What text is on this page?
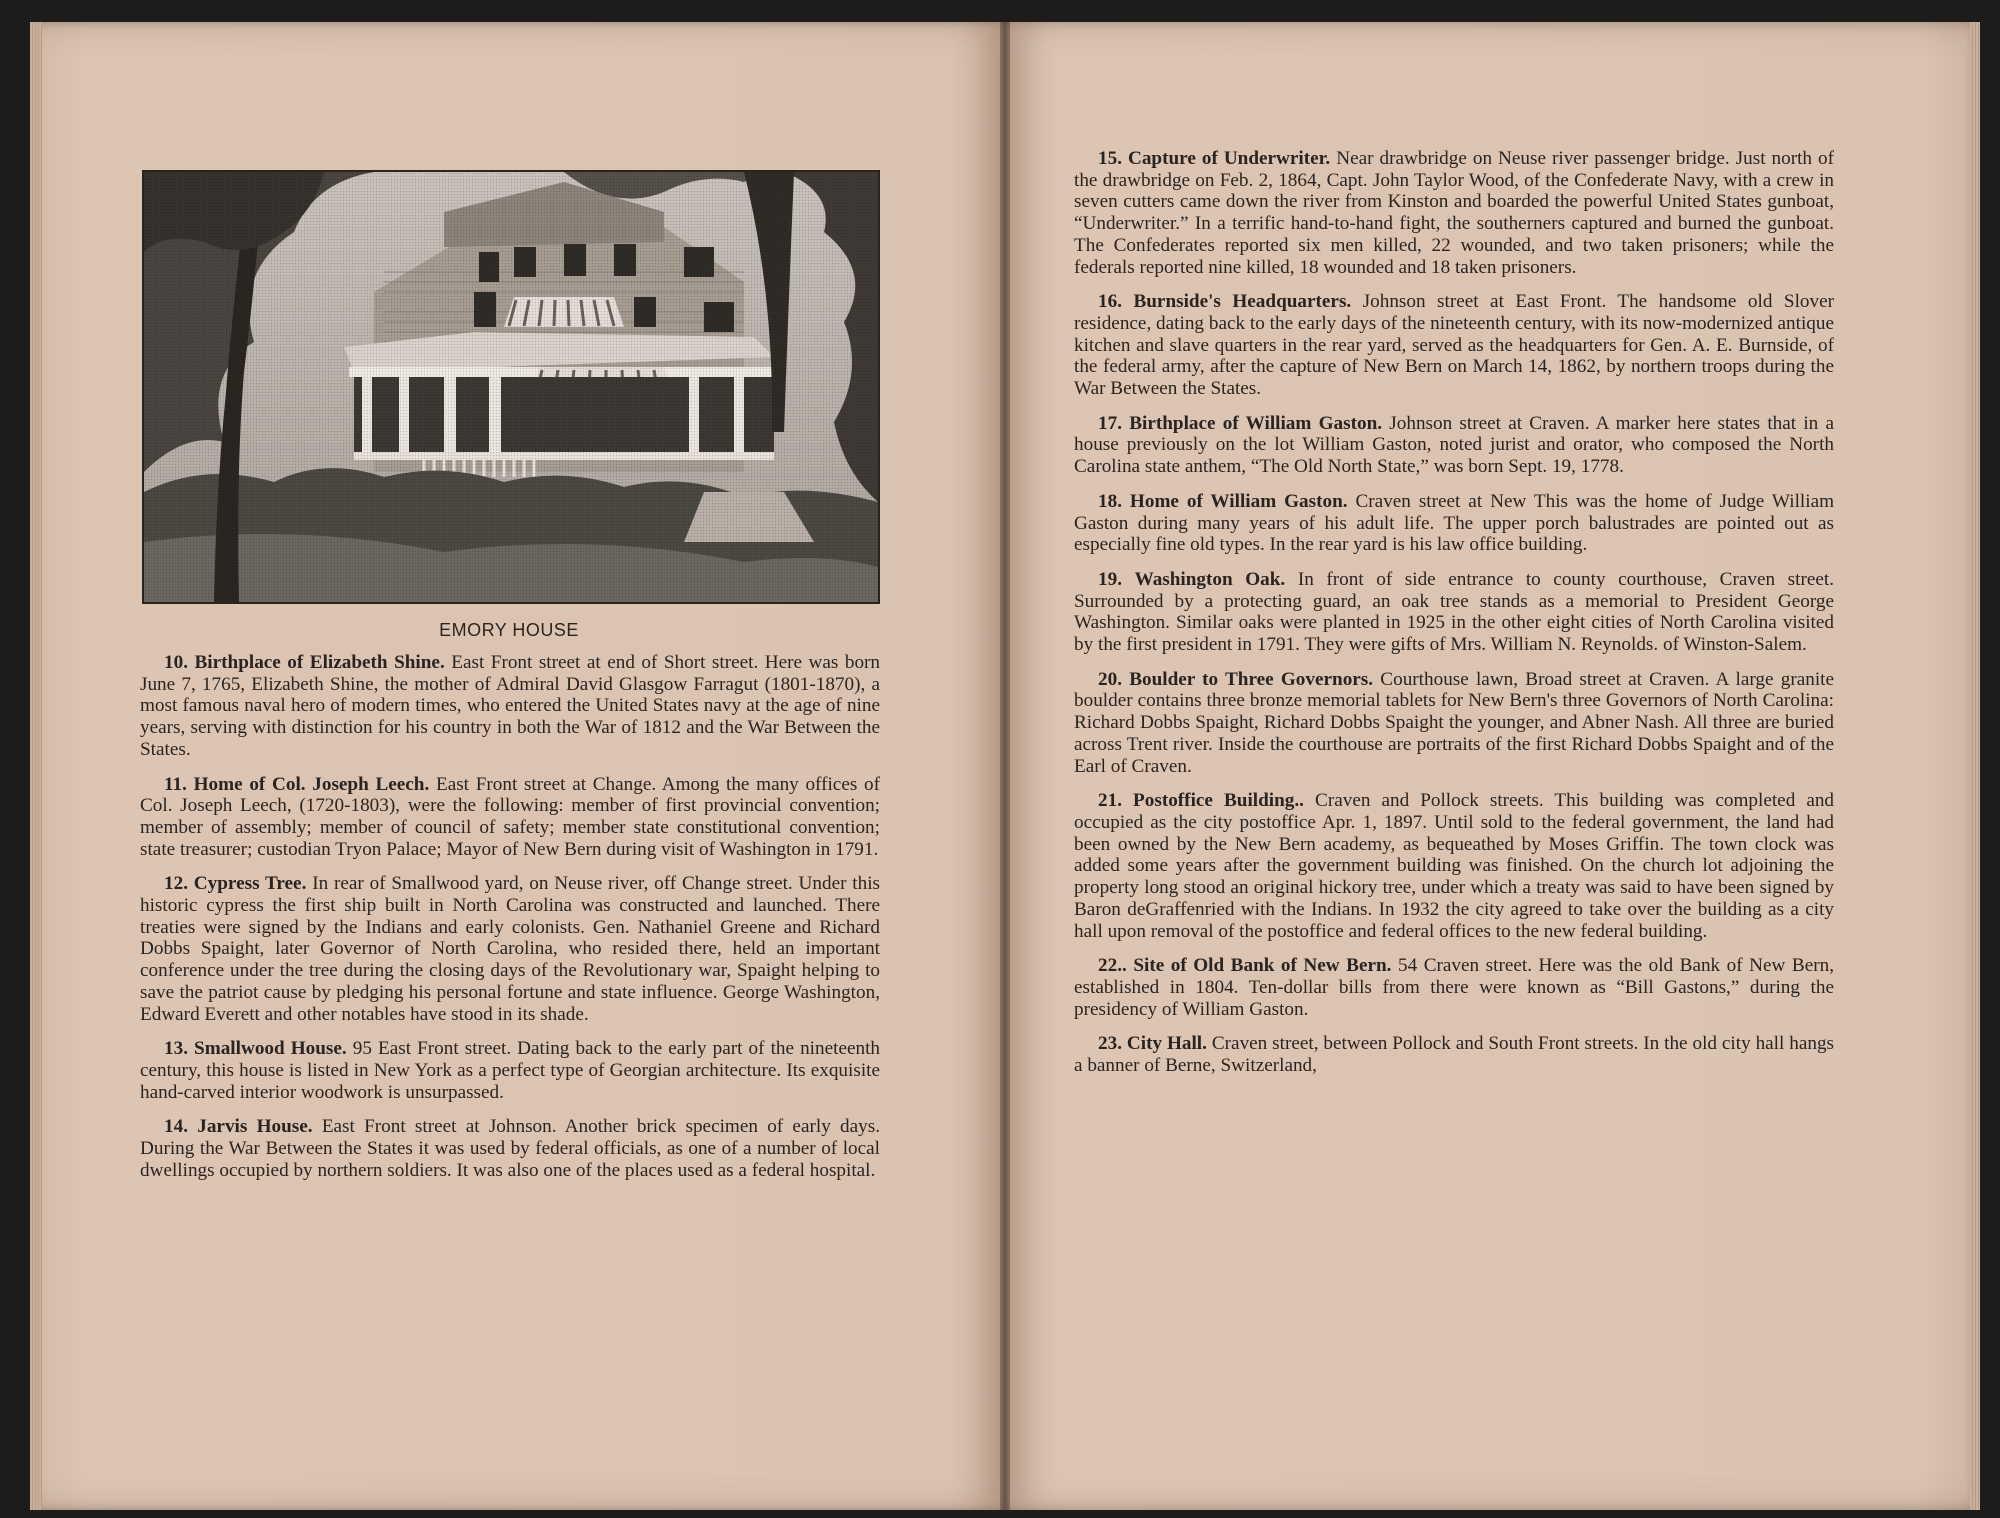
EMORY HOUSE

10. Birthplace of Elizabeth Shine. East Front street at end of Short street. Here was born June 7, 1765, Elizabeth Shine, the mother of Admiral David Glasgow Farragut (1801-1870), a most famous naval hero of modern times, who entered the United States navy at the age of nine years, serving with distinction for his country in both the War of 1812 and the War Between the States.

11. Home of Col. Joseph Leech. East Front street at Change. Among the many offices of Col. Joseph Leech, (1720-1803), were the following: member of first provincial convention; member of assembly; member of council of safety; member state constitutional convention; state treasurer; custodian Tryon Palace; Mayor of New Bern during visit of Washington in 1791.

12. Cypress Tree. In rear of Smallwood yard, on Neuse river, off Change street. Under this historic cypress the first ship built in North Carolina was constructed and launched. There treaties were signed by the Indians and early colonists. Gen. Nathaniel Greene and Richard Dobbs Spaight, later Governor of North Carolina, who resided there, held an important conference under the tree during the closing days of the Revolutionary war, Spaight helping to save the patriot cause by pledging his personal fortune and state influence. George Washington, Edward Everett and other notables have stood in its shade.

13. Smallwood House. 95 East Front street. Dating back to the early part of the nineteenth century, this house is listed in New York as a perfect type of Georgian architecture. Its exquisite hand-carved interior woodwork is unsurpassed.

14. Jarvis House. East Front street at Johnson. Another brick specimen of early days. During the War Between the States it was used by federal officials, as one of a number of local dwellings occupied by northern soldiers. It was also one of the places used as a federal hospital.

15. Capture of Underwriter. Near drawbridge on Neuse river passenger bridge. Just north of the drawbridge on Feb. 2, 1864, Capt. John Taylor Wood, of the Confederate Navy, with a crew in seven cutters came down the river from Kinston and boarded the powerful United States gunboat, “Underwriter.” In a terrific hand-to-hand fight, the southerners captured and burned the gunboat. The Confederates reported six men killed, 22 wounded, and two taken prisoners; while the federals reported nine killed, 18 wounded and 18 taken prisoners.

16. Burnside's Headquarters. Johnson street at East Front. The handsome old Slover residence, dating back to the early days of the nineteenth century, with its now-modernized antique kitchen and slave quarters in the rear yard, served as the headquarters for Gen. A. E. Burnside, of the federal army, after the capture of New Bern on March 14, 1862, by northern troops during the War Between the States.

17. Birthplace of William Gaston. Johnson street at Craven. A marker here states that in a house previously on the lot William Gaston, noted jurist and orator, who composed the North Carolina state anthem, “The Old North State,” was born Sept. 19, 1778.

18. Home of William Gaston. Craven street at New This was the home of Judge William Gaston during many years of his adult life. The upper porch balustrades are pointed out as especially fine old types. In the rear yard is his law office building.

19. Washington Oak. In front of side entrance to county courthouse, Craven street. Surrounded by a protecting guard, an oak tree stands as a memorial to President George Washington. Similar oaks were planted in 1925 in the other eight cities of North Carolina visited by the first president in 1791. They were gifts of Mrs. William N. Reynolds. of Winston-Salem.

20. Boulder to Three Governors. Courthouse lawn, Broad street at Craven. A large granite boulder contains three bronze memorial tablets for New Bern's three Governors of North Carolina: Richard Dobbs Spaight, Richard Dobbs Spaight the younger, and Abner Nash. All three are buried across Trent river. Inside the courthouse are portraits of the first Richard Dobbs Spaight and of the Earl of Craven.

21. Postoffice Building.. Craven and Pollock streets. This building was completed and occupied as the city postoffice Apr. 1, 1897. Until sold to the federal government, the land had been owned by the New Bern academy, as bequeathed by Moses Griffin. The town clock was added some years after the government building was finished. On the church lot adjoining the property long stood an original hickory tree, under which a treaty was said to have been signed by Baron deGraffenried with the Indians. In 1932 the city agreed to take over the building as a city hall upon removal of the postoffice and federal offices to the new federal building.

22.. Site of Old Bank of New Bern. 54 Craven street. Here was the old Bank of New Bern, established in 1804. Ten-dollar bills from there were known as “Bill Gastons,” during the presidency of William Gaston.

23. City Hall. Craven street, between Pollock and South Front streets. In the old city hall hangs a banner of Berne, Switzerland,
